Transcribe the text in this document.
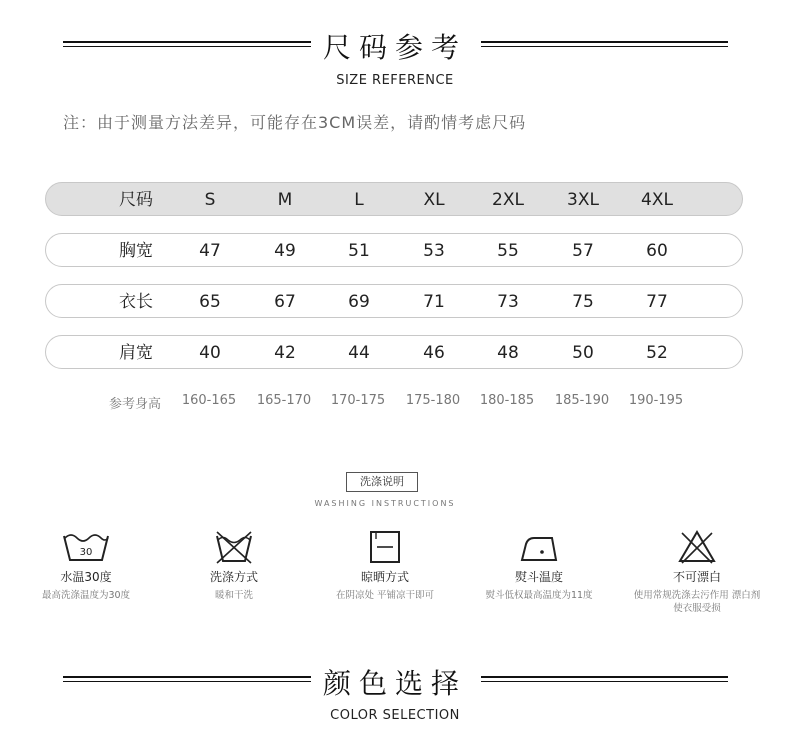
尺码参考
SIZE REFERENCE
注：由于测量方法差异，可能存在3CM误差，请酌情考虑尺码
尺码	S	M	L	XL	2XL	3XL	4XL
胸宽	47	49	51	53	55	57	60
衣长	65	67	69	71	73	75	77
肩宽	40	42	44	46	48	50	52
参考身高	160-165	165-170	170-175	175-180	180-185	185-190	190-195
洗涤说明
WASHING INSTRUCTIONS
30
水温30度
最高洗涤温度为30度
洗涤方式
暖和干洗
晾晒方式
在阴凉处 平铺凉干即可
熨斗温度
熨斗低权最高温度为11度
不可漂白
使用常规洗涤去污作用 漂白剂使衣服受损
颜色选择
COLOR SELECTION
